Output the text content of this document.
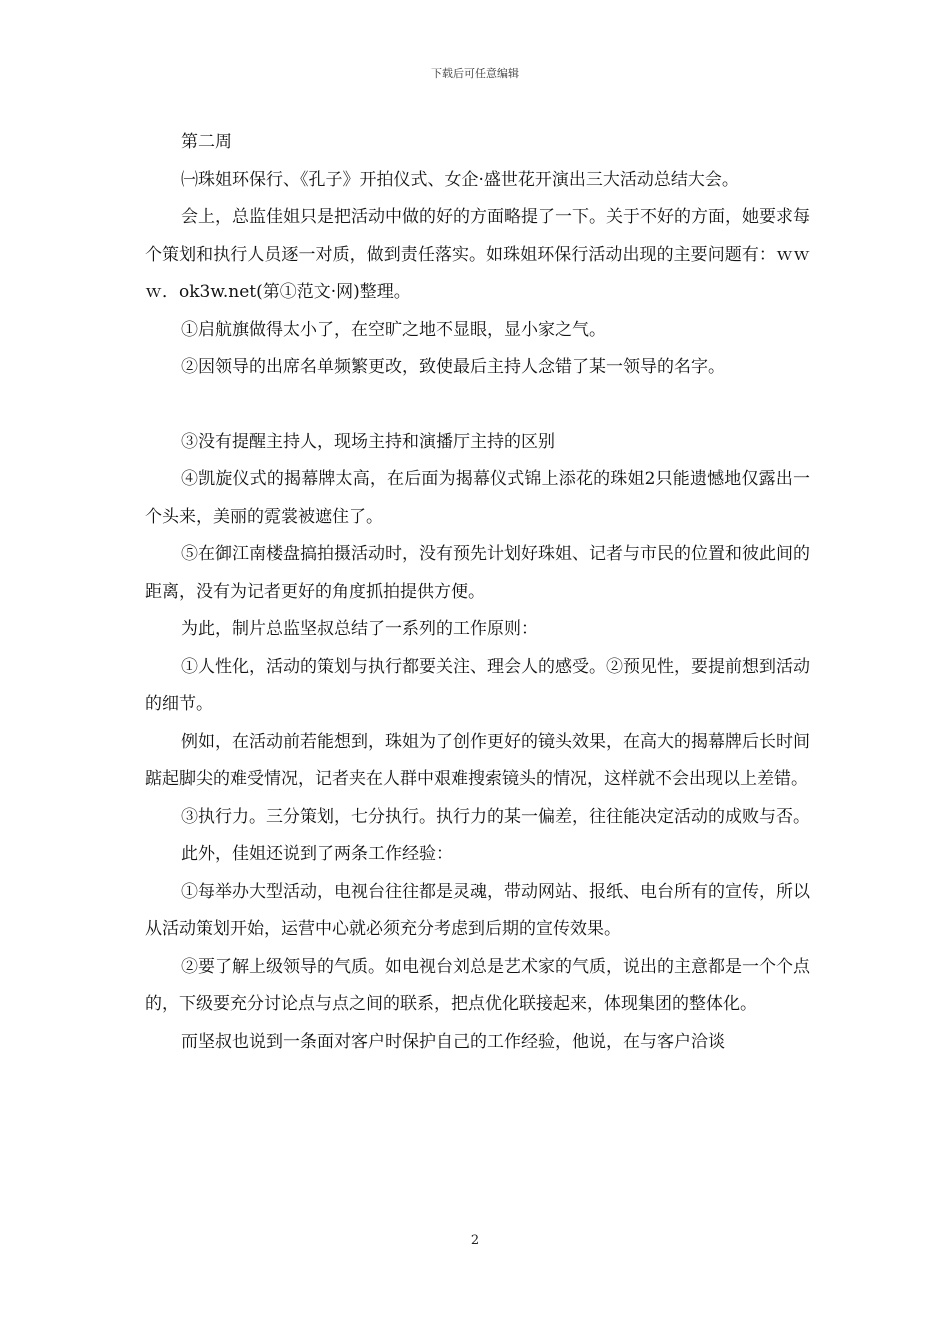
下载后可任意编辑

第二周

㈠珠姐环保行、《孔子》开拍仪式、女企·盛世花开演出三大活动总结大会。

会上，总监佳姐只是把活动中做的好的方面略提了一下。关于不好的方面，她要求每个策划和执行人员逐一对质，做到责任落实。如珠姐环保行活动出现的主要问题有：ｗｗｗ．ok3w.net(第①范文·网)整理。

①启航旗做得太小了，在空旷之地不显眼，显小家之气。

②因领导的出席名单频繁更改，致使最后主持人念错了某一领导的名字。

③没有提醒主持人，现场主持和演播厅主持的区别

④凯旋仪式的揭幕牌太高，在后面为揭幕仪式锦上添花的珠姐2只能遗憾地仅露出一个头来，美丽的霓裳被遮住了。

⑤在御江南楼盘搞拍摄活动时，没有预先计划好珠姐、记者与市民的位置和彼此间的距离，没有为记者更好的角度抓拍提供方便。

为此，制片总监坚叔总结了一系列的工作原则：

①人性化，活动的策划与执行都要关注、理会人的感受。②预见性，要提前想到活动的细节。

例如，在活动前若能想到，珠姐为了创作更好的镜头效果，在高大的揭幕牌后长时间踮起脚尖的难受情况，记者夹在人群中艰难搜索镜头的情况，这样就不会出现以上差错。

③执行力。三分策划，七分执行。执行力的某一偏差，往往能决定活动的成败与否。

此外，佳姐还说到了两条工作经验：

①每举办大型活动，电视台往往都是灵魂，带动网站、报纸、电台所有的宣传，所以从活动策划开始，运营中心就必须充分考虑到后期的宣传效果。

②要了解上级领导的气质。如电视台刘总是艺术家的气质，说出的主意都是一个个点的，下级要充分讨论点与点之间的联系，把点优化联接起来，体现集团的整体化。

而坚叔也说到一条面对客户时保护自己的工作经验，他说，在与客户洽谈

2
